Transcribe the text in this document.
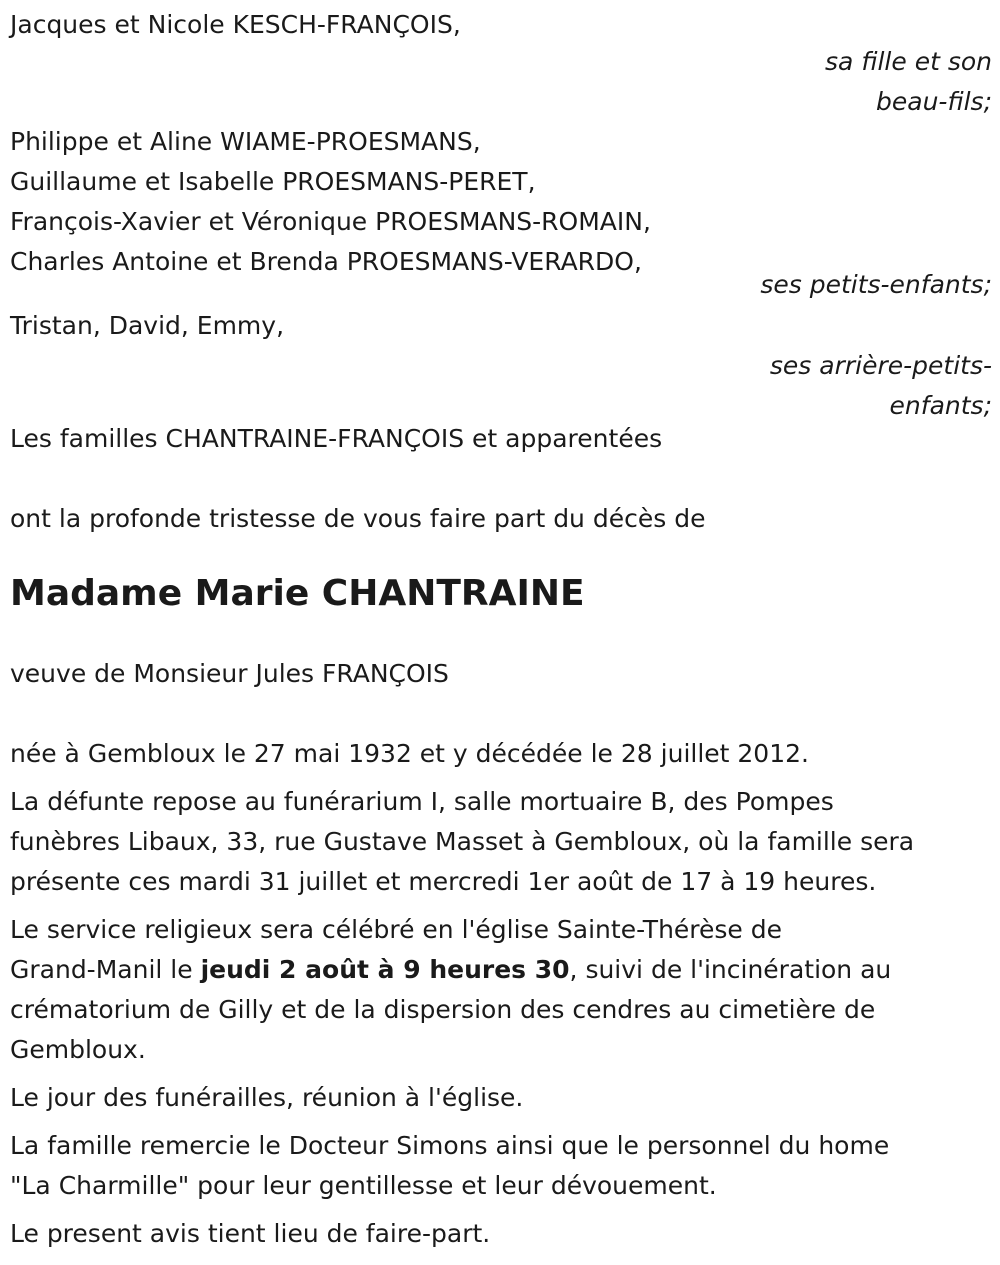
Jacques et Nicole KESCH-FRANÇOIS,
sa fille et son
beau-fils;
Philippe et Aline WIAME-PROESMANS,
Guillaume et Isabelle PROESMANS-PERET,
François-Xavier et Véronique PROESMANS-ROMAIN,
Charles Antoine et Brenda PROESMANS-VERARDO,
ses petits-enfants;
Tristan, David, Emmy,
ses arrière-petits-
enfants;
Les familles CHANTRAINE-FRANÇOIS et apparentées
ont la profonde tristesse de vous faire part du décès de
Madame Marie CHANTRAINE
veuve de Monsieur Jules FRANÇOIS
née à Gembloux le 27 mai 1932 et y décédée le 28 juillet 2012.
La défunte repose au funérarium I, salle mortuaire B, des Pompes
funèbres Libaux, 33, rue Gustave Masset à Gembloux, où la famille sera
présente ces mardi 31 juillet et mercredi 1er août de 17 à 19 heures.
Le service religieux sera célébré en l'église Sainte-Thérèse de
Grand-Manil le jeudi 2 août à 9 heures 30, suivi de l'incinération au
crématorium de Gilly et de la dispersion des cendres au cimetière de
Gembloux.
Le jour des funérailles, réunion à l'église.
La famille remercie le Docteur Simons ainsi que le personnel du home
"La Charmille" pour leur gentillesse et leur dévouement.
Le present avis tient lieu de faire-part.
